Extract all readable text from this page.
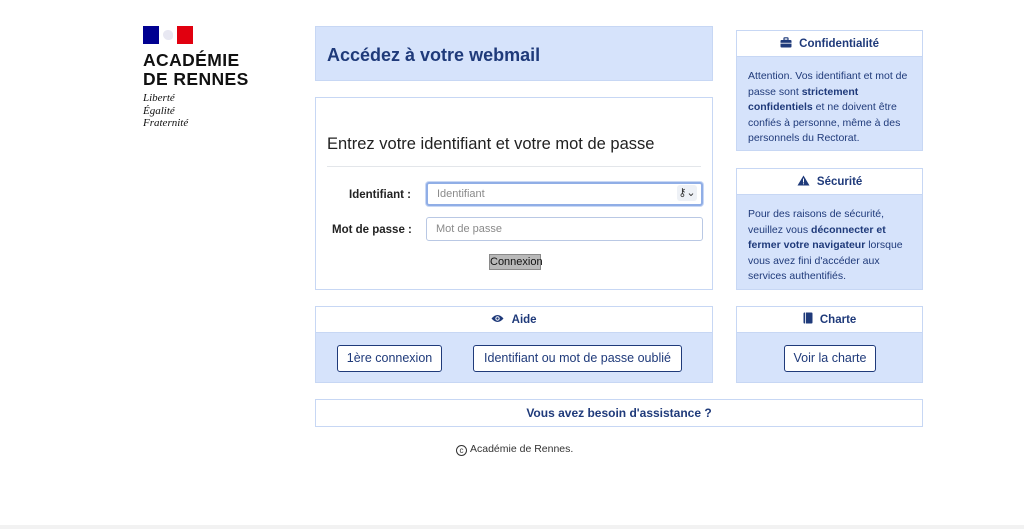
ACADÉMIE
DE RENNES
Liberté
Égalité
Fraternité
Accédez à votre webmail
Entrez votre identifiant et votre mot de passe
Identifiant :
Identifiant	⚷⌄
Mot de passe :
Connexion
Confidentialité
Attention. Vos identifiant et mot de passe sont strictement confidentiels et ne doivent être confiés à personne, même à des personnels du Rectorat.
Sécurité
Pour des raisons de sécurité, veuillez vous déconnecter et fermer votre navigateur lorsque vous avez fini d'accéder aux services authentifiés.
Aide
1ère connexion	Identifiant ou mot de passe oublié
Charte
Voir la charte
Vous avez besoin d'assistance ?
c Académie de Rennes.
